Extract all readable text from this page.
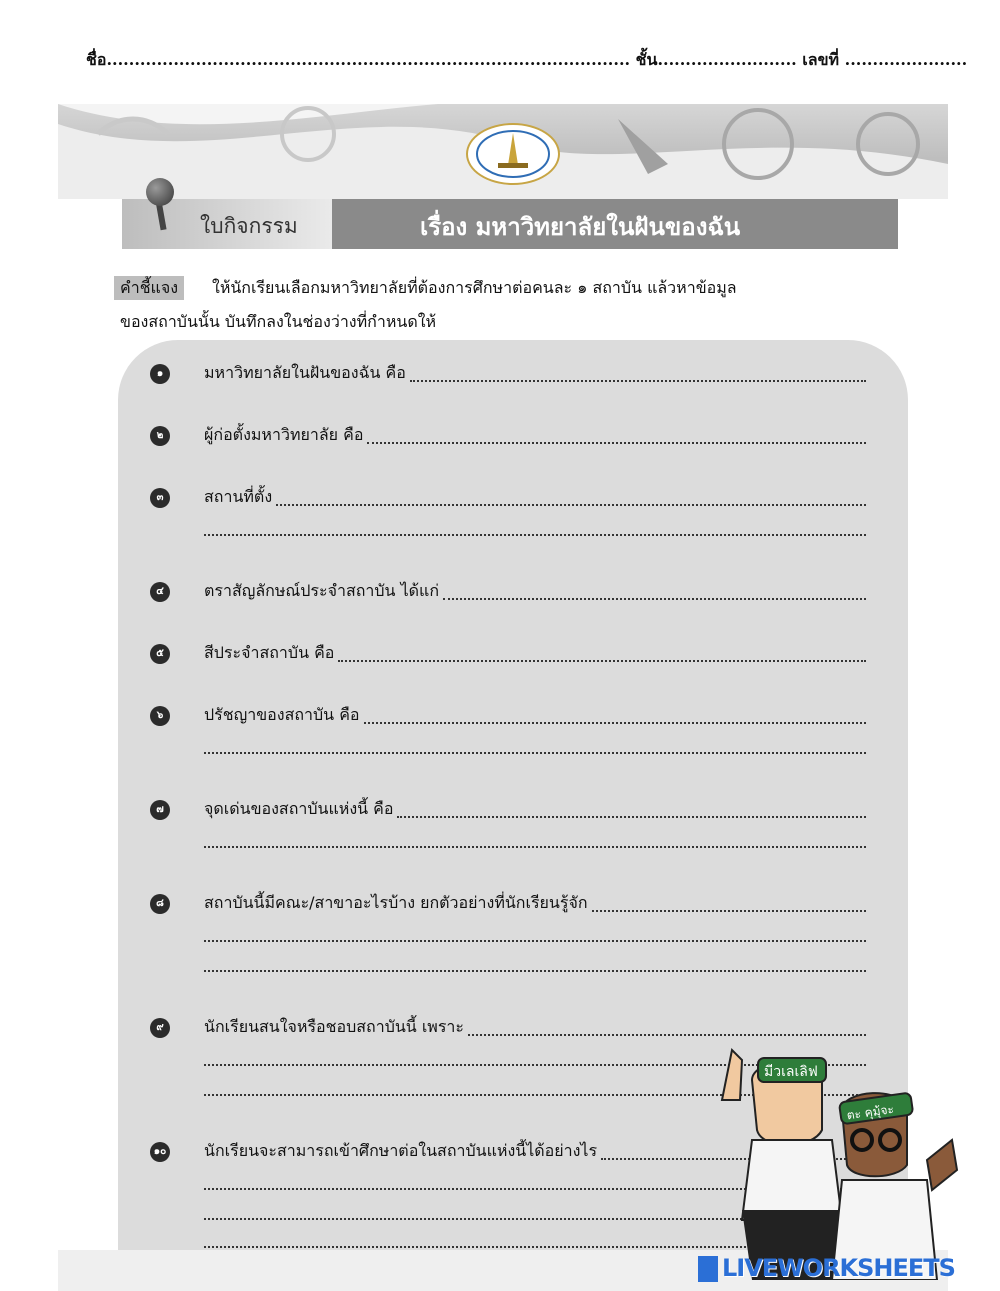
ชื่อ.............................................................................................. ชั้น......................... เลขที่ ......................
ใบกิจกรรม	เรื่อง มหาวิทยาลัยในฝันของฉัน
คำชี้แจง	ให้นักเรียนเลือกมหาวิทยาลัยที่ต้องการศึกษาต่อคนละ ๑ สถาบัน แล้วหาข้อมูล
ของสถาบันนั้น บันทึกลงในช่องว่างที่กำหนดให้
๑	มหาวิทยาลัยในฝันของฉัน คือ
๒	ผู้ก่อตั้งมหาวิทยาลัย คือ
๓	สถานที่ตั้ง
๔	ตราสัญลักษณ์ประจำสถาบัน ได้แก่
๕	สีประจำสถาบัน คือ
๖	ปรัชญาของสถาบัน คือ
๗	จุดเด่นของสถาบันแห่งนี้ คือ
๘	สถาบันนี้มีคณะ/สาขาอะไรบ้าง ยกตัวอย่างที่นักเรียนรู้จัก
๙	นักเรียนสนใจหรือชอบสถาบันนี้ เพราะ
๑๐ นักเรียนจะสามารถเข้าศึกษาต่อในสถาบันแห่งนี้ได้อย่างไร
มีวเลเลิฟ
ตะ คุมุ้จะ
LIVEWORKSHEETS
